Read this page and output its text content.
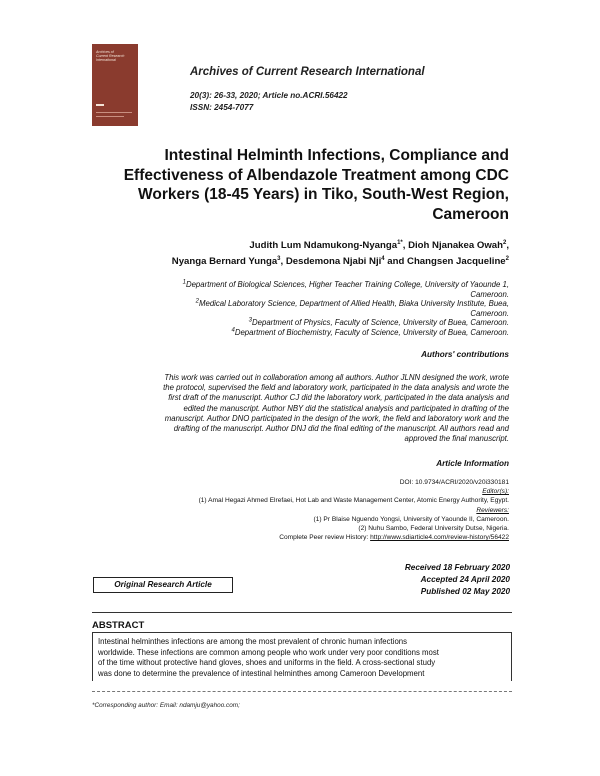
Archives of
Current Research
International
Archives of Current Research International
20(3): 26-33, 2020; Article no.ACRI.56422
ISSN: 2454-7077
Intestinal Helminth Infections, Compliance and
Effectiveness of Albendazole Treatment among CDC
Workers (18-45 Years) in Tiko, South-West Region,
Cameroon
Judith Lum Ndamukong-Nyanga$^{1*}$, Dioh Njanakea Owah$^2$,
Nyanga Bernard Yunga$^3$, Desdemona Njabi Nji$^4$ and Changsen Jacqueline$^2$
$^1$Department of Biological Sciences, Higher Teacher Training College, University of Yaounde 1,
Cameroon.
$^2$Medical Laboratory Science, Department of Allied Health, Biaka University Institute, Buea,
Cameroon.
$^3$Department of Physics, Faculty of Science, University of Buea, Cameroon.
$^4$Department of Biochemistry, Faculty of Science, University of Buea, Cameroon.
Authors' contributions
This work was carried out in collaboration among all authors. Author JLNN designed the work, wrote
the protocol, supervised the field and laboratory work, participated in the data analysis and wrote the
first draft of the manuscript. Author CJ did the laboratory work, participated in the data analysis and
edited the manuscript. Author NBY did the statistical analysis and participated in drafting of the
manuscript. Author DNO participated in the design of the work, the field and laboratory work and the
drafting of the manuscript. Author DNJ did the final editing of the manuscript. All authors read and
approved the final manuscript.
Article Information
DOI: 10.9734/ACRI/2020/v20i330181
Editor(s):
(1) Amal Hegazi Ahmed Elrefaei, Hot Lab and Waste Management Center, Atomic Energy Authority, Egypt.
Reviewers:
(1) Pr Blaise Nguendo Yongsi, University of Yaounde II, Cameroon.
(2) Nuhu Sambo, Federal University Dutse, Nigeria.
Complete Peer review History: http://www.sdiarticle4.com/review-history/56422
Original Research Article
Received 18 February 2020
Accepted 24 April 2020
Published 02 May 2020
ABSTRACT
Intestinal helminthes infections are among the most prevalent of chronic human infections
worldwide. These infections are common among people who work under very poor conditions most
of the time without protective hand gloves, shoes and uniforms in the field. A cross-sectional study
was done to determine the prevalence of intestinal helminthes among Cameroon Development
*Corresponding author: Email: ndamju@yahoo.com;
